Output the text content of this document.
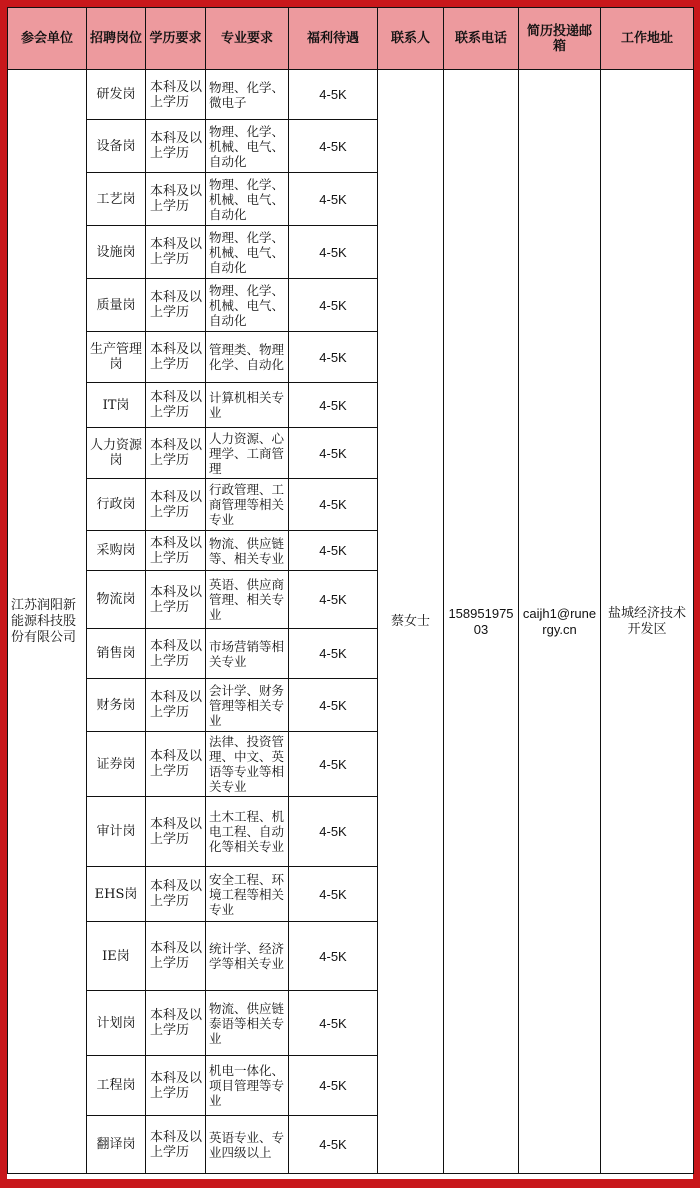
参会单位	招聘岗位	学历要求	专业要求	福利待遇	联系人	联系电话	简历投递邮箱	工作地址
江苏润阳新能源科技股份有限公司	研发岗	本科及以上学历	物理、化学、微电子	4-5K	蔡女士	15895197503	caijh1@runergy.cn	盐城经济技术开发区
	设备岗	本科及以上学历	物理、化学、机械、电气、自动化	4-5K				
	工艺岗	本科及以上学历	物理、化学、机械、电气、自动化	4-5K				
	设施岗	本科及以上学历	物理、化学、机械、电气、自动化	4-5K				
	质量岗	本科及以上学历	物理、化学、机械、电气、自动化	4-5K				
	生产管理岗	本科及以上学历	管理类、物理化学、自动化	4-5K				
	IT岗	本科及以上学历	计算机相关专业	4-5K				
	人力资源岗	本科及以上学历	人力资源、心理学、工商管理	4-5K				
	行政岗	本科及以上学历	行政管理、工商管理等相关专业	4-5K				
	采购岗	本科及以上学历	物流、供应链等、相关专业	4-5K				
	物流岗	本科及以上学历	英语、供应商管理、相关专业	4-5K				
	销售岗	本科及以上学历	市场营销等相关专业	4-5K				
	财务岗	本科及以上学历	会计学、财务管理等相关专业	4-5K				
	证券岗	本科及以上学历	法律、投资管理、中文、英语等专业等相关专业	4-5K				
	审计岗	本科及以上学历	土木工程、机电工程、自动化等相关专业	4-5K				
	EHS岗	本科及以上学历	安全工程、环境工程等相关专业	4-5K				
	IE岗	本科及以上学历	统计学、经济学等相关专业	4-5K				
	计划岗	本科及以上学历	物流、供应链泰语等相关专业	4-5K				
	工程岗	本科及以上学历	机电一体化、项目管理等专业	4-5K				
	翻译岗	本科及以上学历	英语专业、专业四级以上	4-5K				
